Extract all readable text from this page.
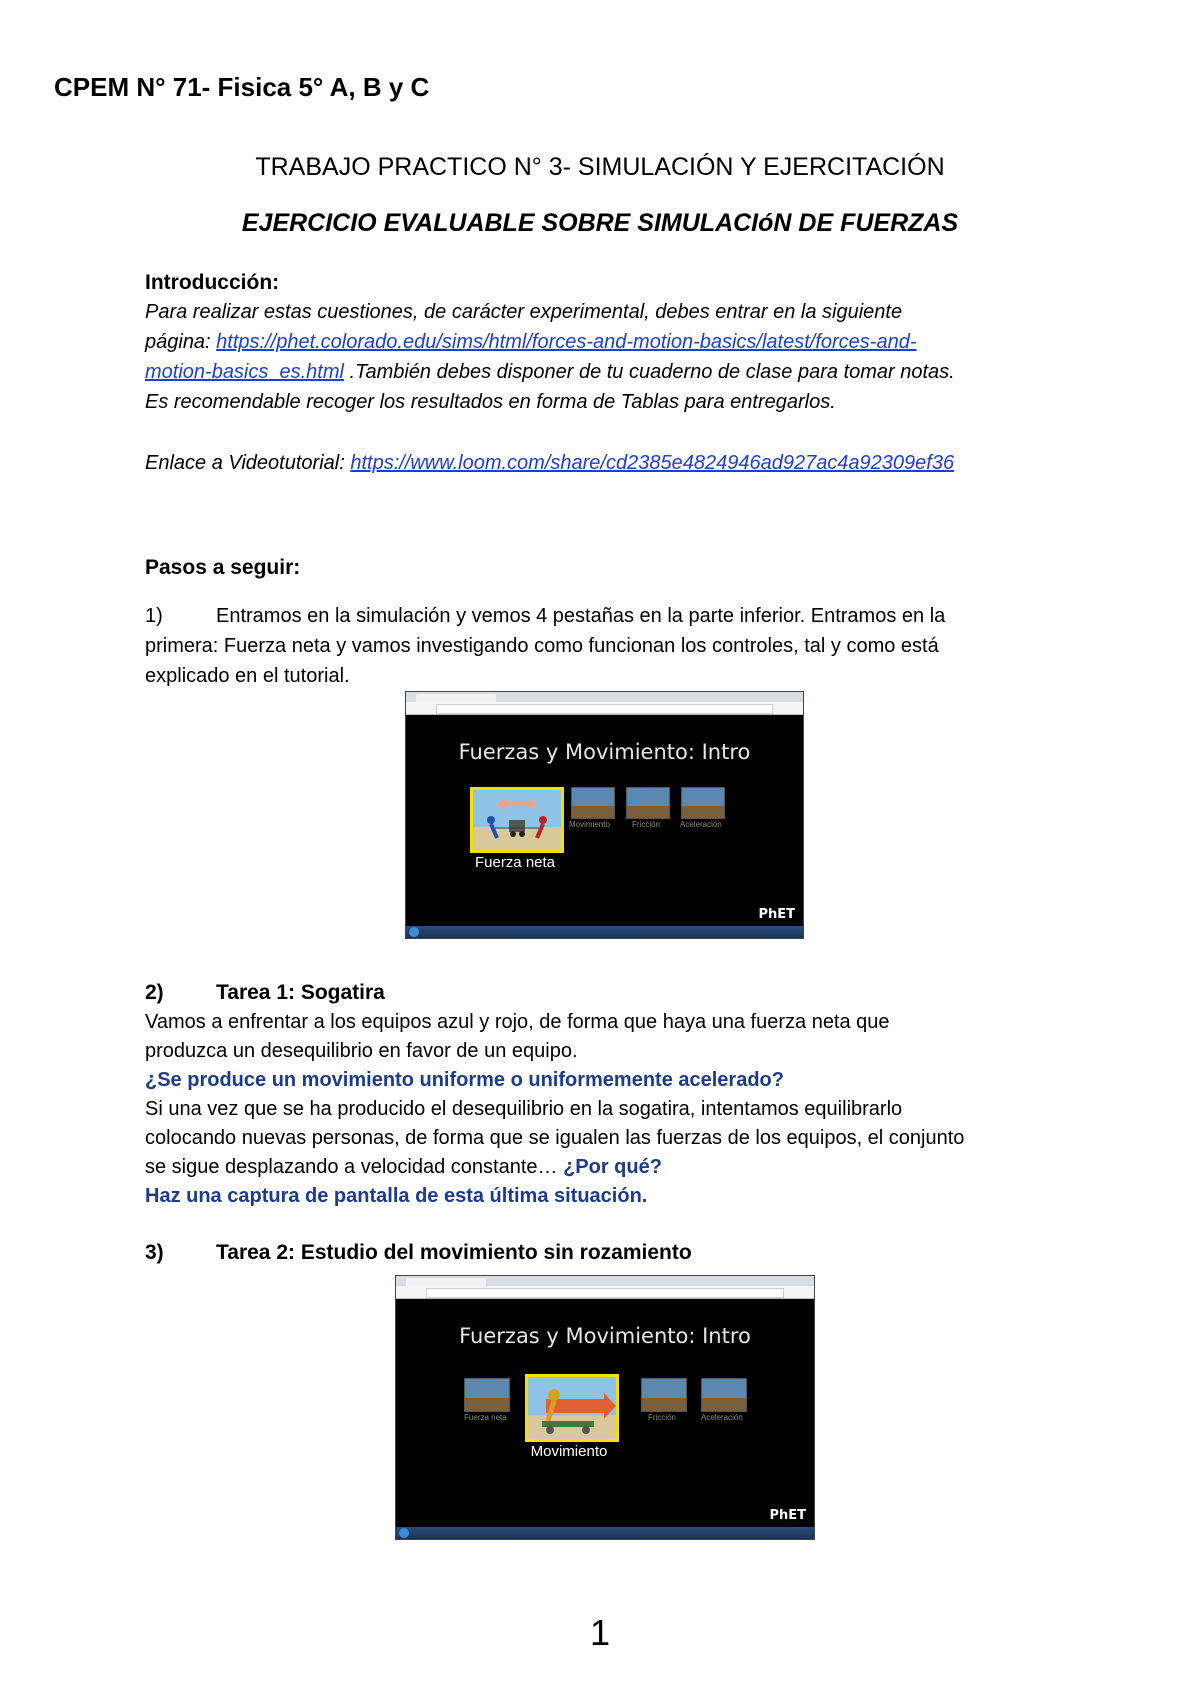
CPEM N° 71- Fisica 5° A, B y C
TRABAJO PRACTICO N° 3- SIMULACIÓN Y EJERCITACIÓN
EJERCICIO EVALUABLE SOBRE SIMULACIóN DE FUERZAS
Introducción:
Para realizar estas cuestiones, de carácter experimental, debes entrar en la siguiente
página: https://phet.colorado.edu/sims/html/forces-and-motion-basics/latest/forces-and-
motion-basics_es.html .También debes disponer de tu cuaderno de clase para tomar notas.
Es recomendable recoger los resultados en forma de Tablas para entregarlos.
Enlace a Videotutorial: https://www.loom.com/share/cd2385e4824946ad927ac4a92309ef36
Pasos a seguir:
1)	Entramos en la simulación y vemos 4 pestañas en la parte inferior. Entramos en la
primera: Fuerza neta y vamos investigando como funcionan los controles, tal y como está
explicado en el tutorial.
Fuerzas y Movimiento: Intro
Fuerza neta
Movimiento	Fricción Aceleración
PhET
2) Tarea 1: Sogatira
Vamos a enfrentar a los equipos azul y rojo, de forma que haya una fuerza neta que
produzca un desequilibrio en favor de un equipo.
¿Se produce un movimiento uniforme o uniformemente acelerado?
Si una vez que se ha producido el desequilibrio en la sogatira, intentamos equilibrarlo
colocando nuevas personas, de forma que se igualen las fuerzas de los equipos, el conjunto
se sigue desplazando a velocidad constante… ¿Por qué?
Haz una captura de pantalla de esta última situación.
3) Tarea 2: Estudio del movimiento sin rozamiento
Fuerzas y Movimiento: Intro
Fuerza neta
Movimiento
Fricción	Aceleración
PhET
1
